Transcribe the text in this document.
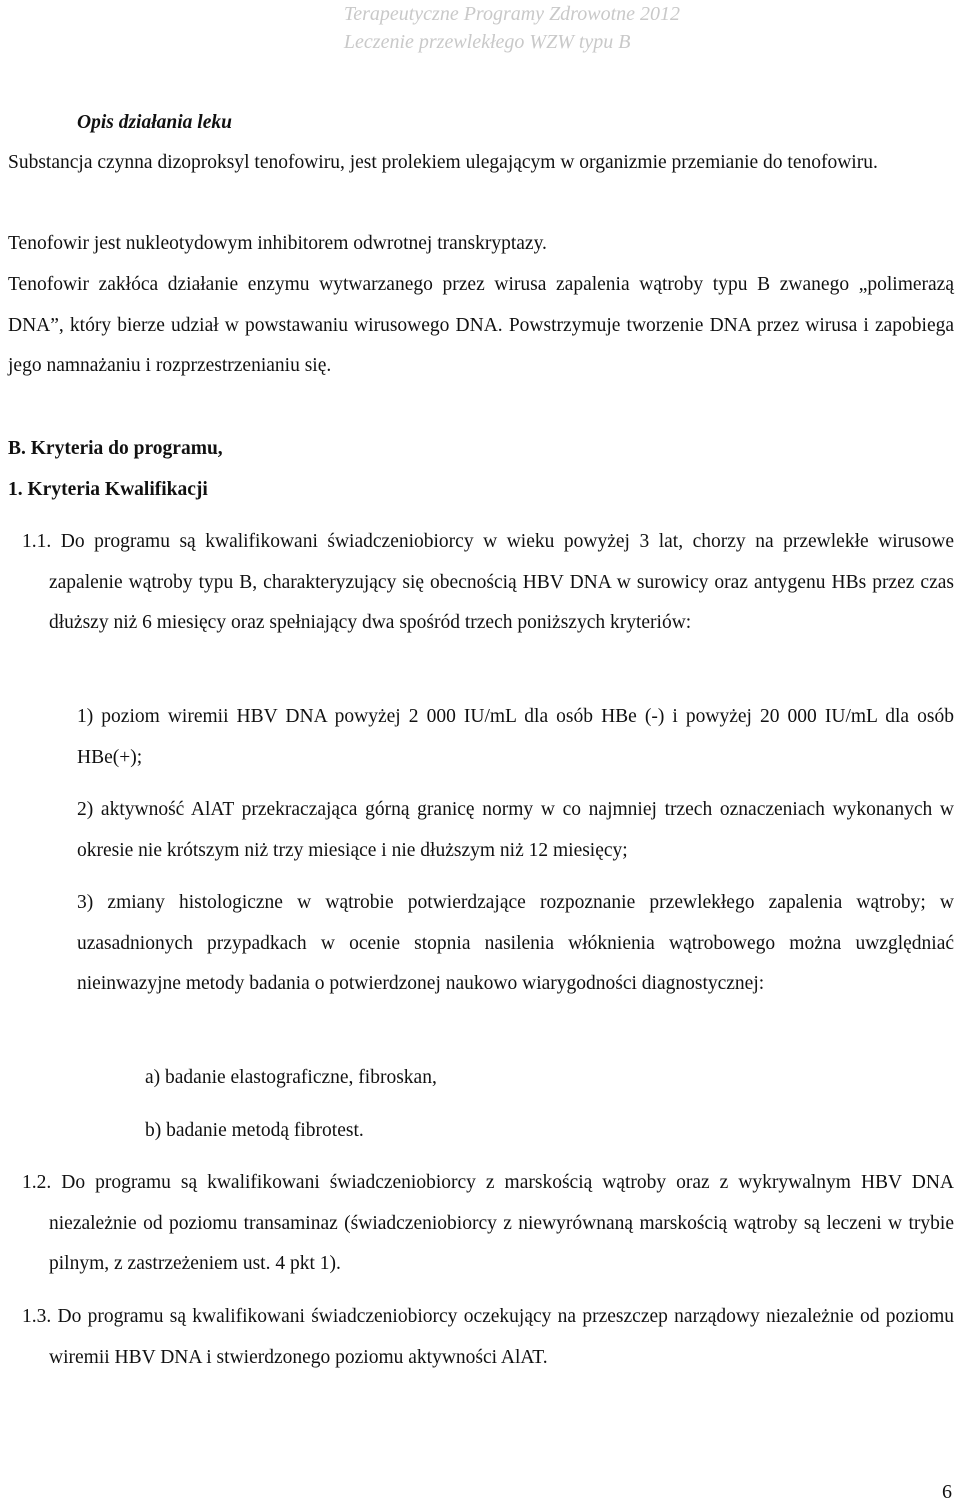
Terapeutyczne Programy Zdrowotne 2012
Leczenie przewlekłego WZW typu B

Opis działania leku

Substancja czynna dizoproksyl tenofowiru, jest prolekiem ulegającym w organizmie przemianie do tenofowiru.

Tenofowir jest nukleotydowym inhibitorem odwrotnej transkryptazy.

Tenofowir zakłóca działanie enzymu wytwarzanego przez wirusa zapalenia wątroby typu B zwanego „polimerazą DNA”, który bierze udział w powstawaniu wirusowego DNA. Powstrzymuje tworzenie DNA przez wirusa i zapobiega jego namnażaniu i rozprzestrzenianiu się.

B. Kryteria do programu,

1. Kryteria Kwalifikacji

1.1. Do programu są kwalifikowani świadczeniobiorcy w wieku powyżej 3 lat, chorzy na przewlekłe wirusowe zapalenie wątroby typu B, charakteryzujący się obecnością HBV DNA w surowicy oraz antygenu HBs przez czas dłuższy niż 6 miesięcy oraz spełniający dwa spośród trzech poniższych kryteriów:

1) poziom wiremii HBV DNA powyżej 2 000 IU/mL dla osób HBe (-) i powyżej 20 000 IU/mL dla osób HBe(+);

2) aktywność AlAT przekraczająca górną granicę normy w co najmniej trzech oznaczeniach wykonanych w okresie nie krótszym niż trzy miesiące i nie dłuższym niż 12 miesięcy;

3) zmiany histologiczne w wątrobie potwierdzające rozpoznanie przewlekłego zapalenia wątroby; w uzasadnionych przypadkach w ocenie stopnia nasilenia włóknienia wątrobowego można uwzględniać nieinwazyjne metody badania o potwierdzonej naukowo wiarygodności diagnostycznej:

a) badanie elastograficzne, fibroskan,

b) badanie metodą fibrotest.

1.2. Do programu są kwalifikowani świadczeniobiorcy z marskością wątroby oraz z wykrywalnym HBV DNA niezależnie od poziomu transaminaz (świadczeniobiorcy z niewyrównaną marskością wątroby są leczeni w trybie pilnym, z zastrzeżeniem ust. 4 pkt 1).

1.3. Do programu są kwalifikowani świadczeniobiorcy oczekujący na przeszczep narządowy niezależnie od poziomu wiremii HBV DNA i stwierdzonego poziomu aktywności AlAT.

6
